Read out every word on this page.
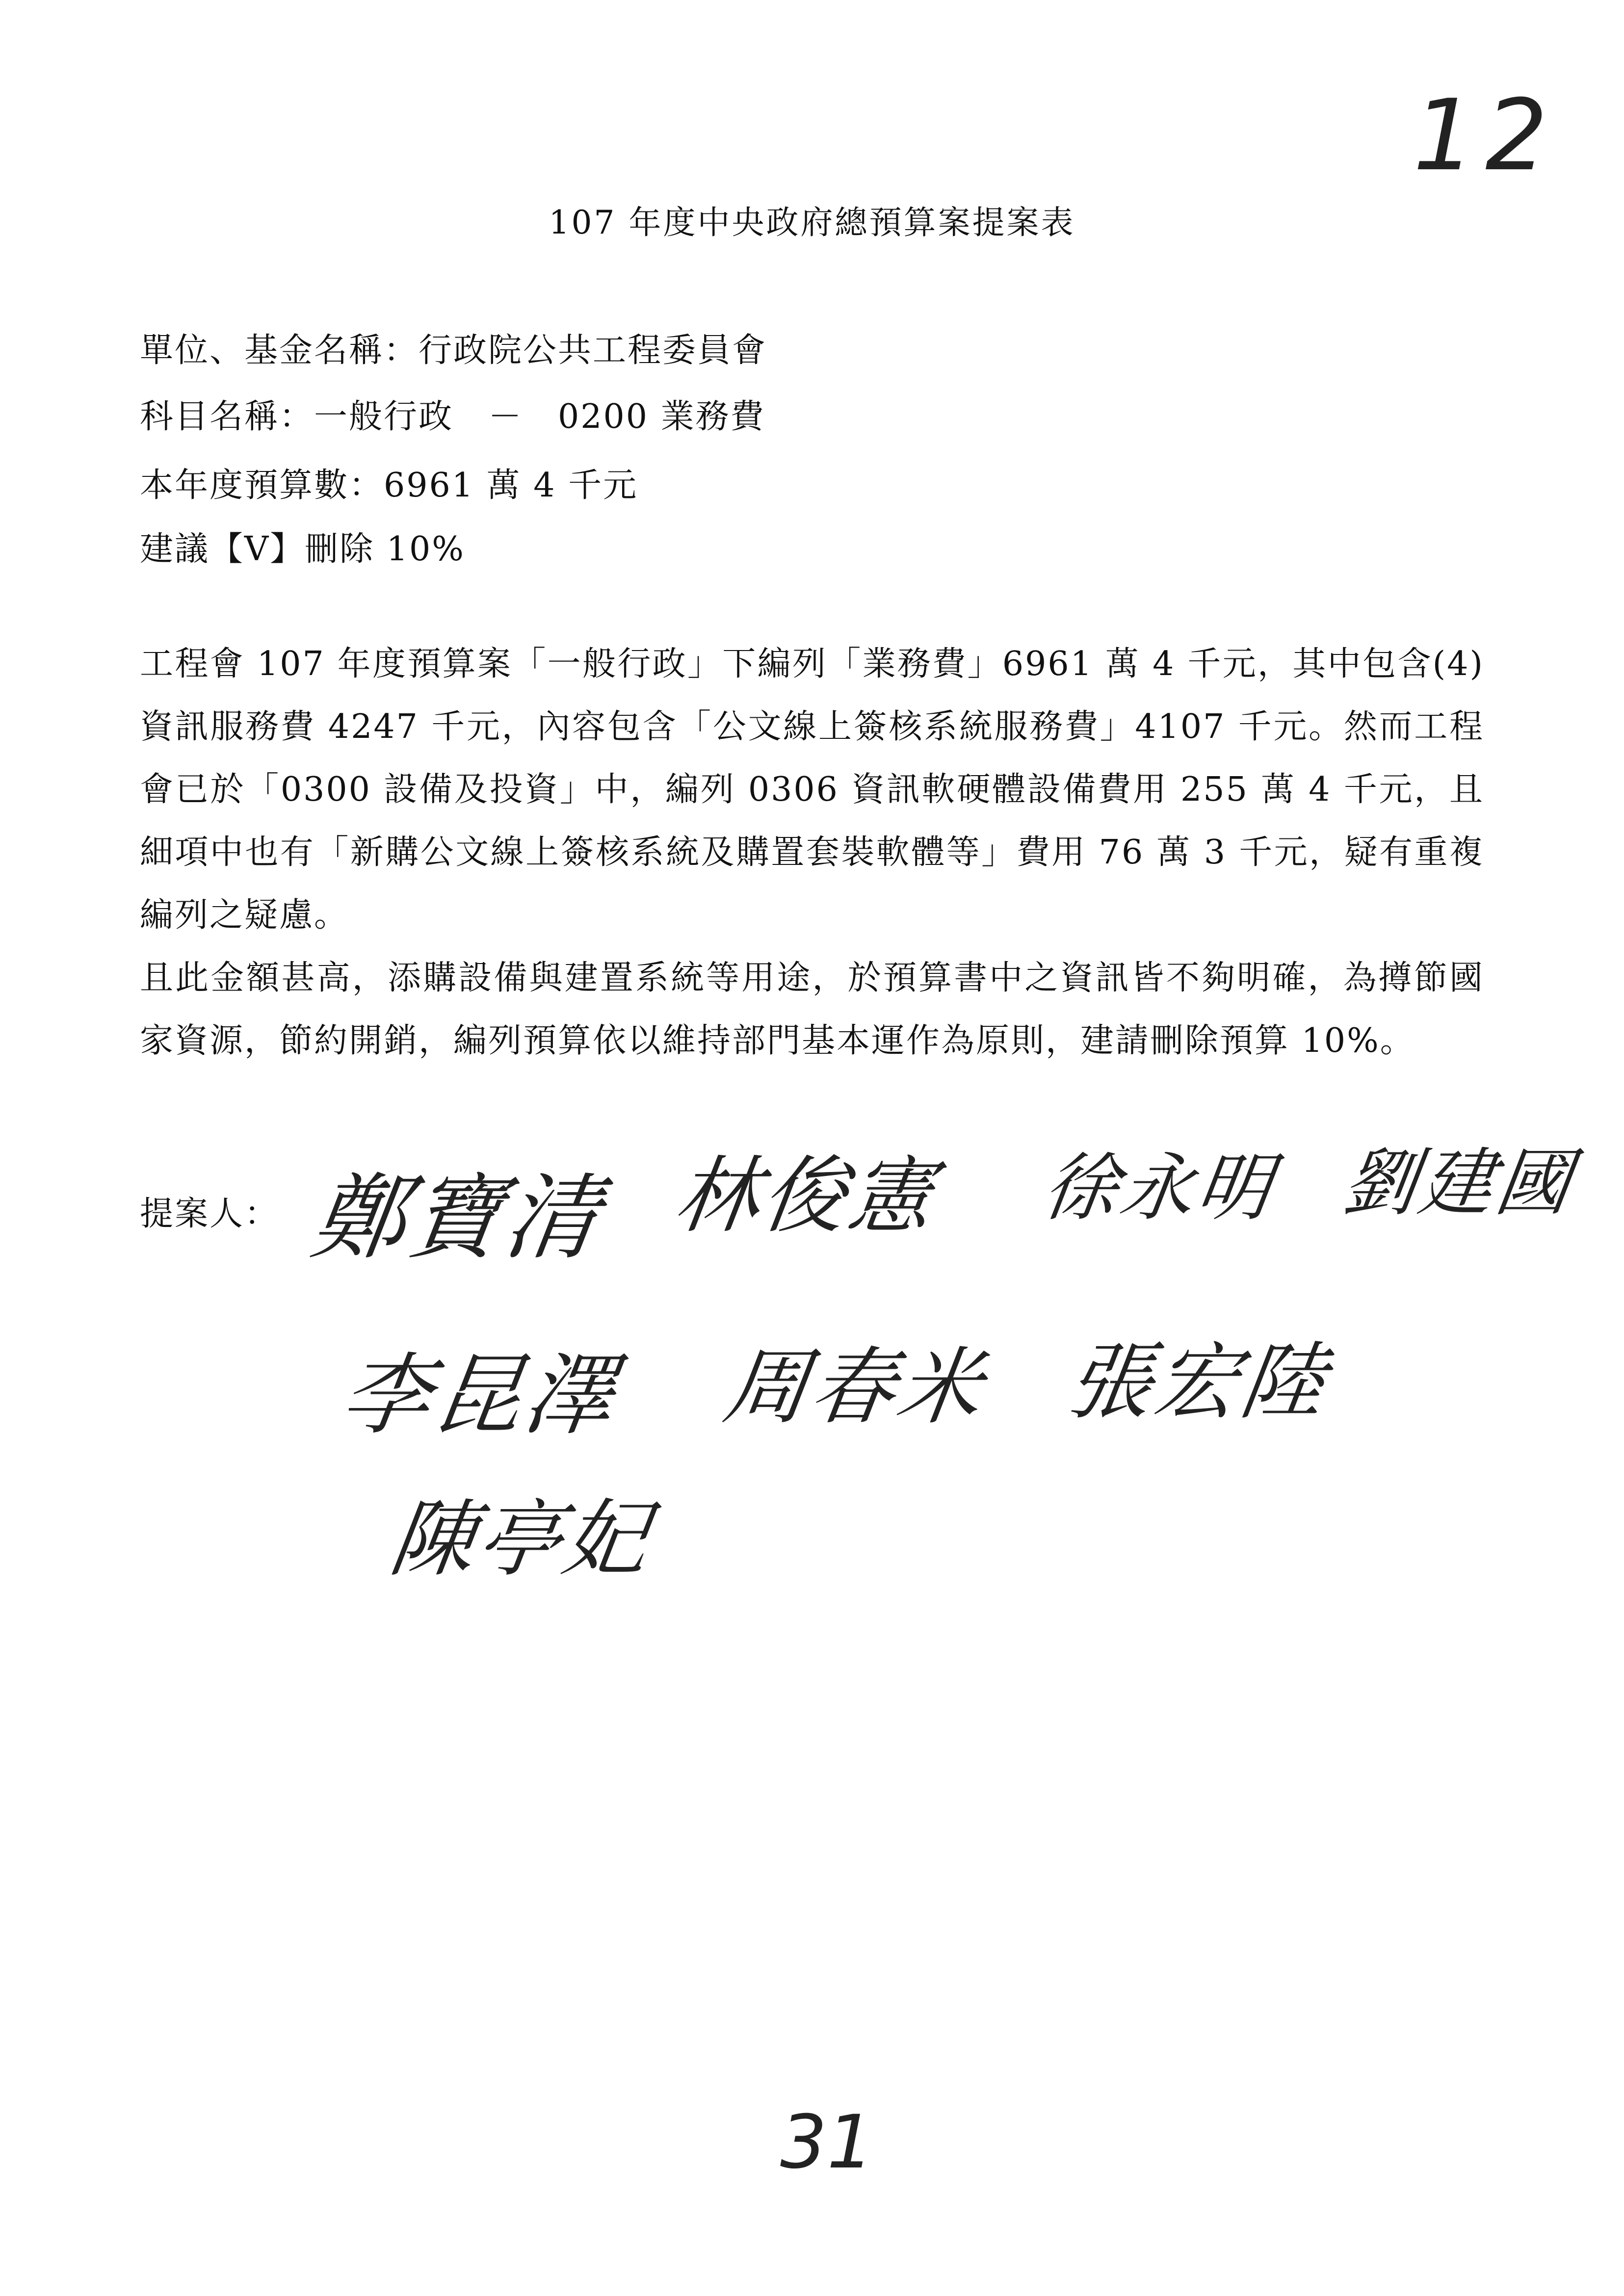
12
107 年度中央政府總預算案提案表
單位、基金名稱：行政院公共工程委員會
科目名稱：一般行政　－　0200 業務費
本年度預算數：6961 萬 4 千元
建議【V】刪除 10%

工程會 107 年度預算案「一般行政」下編列「業務費」6961 萬 4 千元，其中包含(4)資訊服務費 4247 千元，內容包含「公文線上簽核系統服務費」4107 千元。然而工程會已於「0300 設備及投資」中，編列 0306 資訊軟硬體設備費用 255 萬 4 千元，且細項中也有「新購公文線上簽核系統及購置套裝軟體等」費用 76 萬 3 千元，疑有重複編列之疑慮。

且此金額甚高，添購設備與建置系統等用途，於預算書中之資訊皆不夠明確，為撙節國家資源，節約開銷，編列預算依以維持部門基本運作為原則，建請刪除預算 10%。

提案人： 鄭寶清 林俊憲 徐永明 劉建國
李昆澤 周春米 張宏陸
陳亭妃
31
